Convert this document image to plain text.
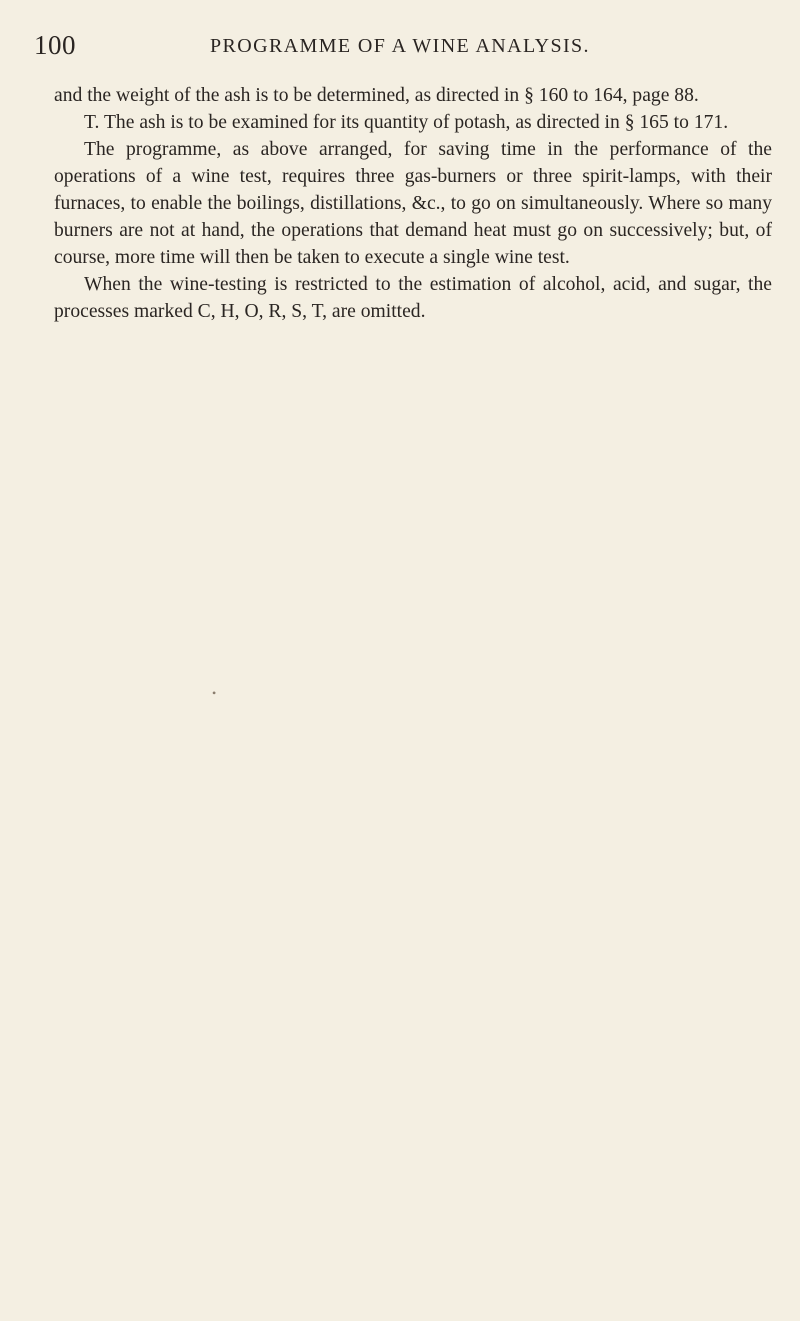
100	PROGRAMME OF A WINE ANALYSIS.

and the weight of the ash is to be determined, as directed in § 160 to 164, page 88.

T. The ash is to be examined for its quantity of potash, as directed in § 165 to 171.

The programme, as above arranged, for saving time in the performance of the operations of a wine test, requires three gas-burners or three spirit-lamps, with their furnaces, to enable the boilings, distillations, &c., to go on simultaneously. Where so many burners are not at hand, the operations that demand heat must go on successively; but, of course, more time will then be taken to execute a single wine test.

When the wine-testing is restricted to the estimation of alcohol, acid, and sugar, the processes marked C, H, O, R, S, T, are omitted.

•
